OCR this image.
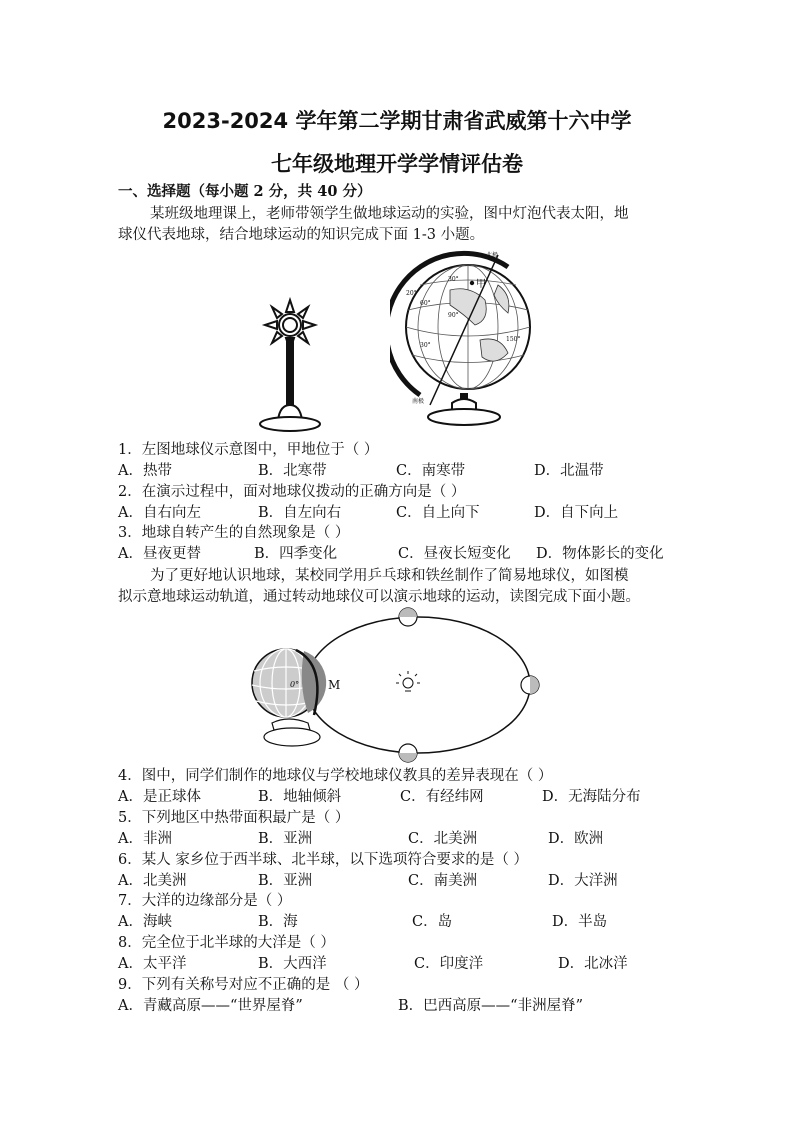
2023-2024 学年第二学期甘肃省武威第十六中学
七年级地理开学学情评估卷
一、选择题（每小题 2 分，共 40 分）
某班级地理课上，老师带领学生做地球运动的实验，图中灯泡代表太阳，地
球仪代表地球，结合地球运动的知识完成下面 1-3 小题。
甲
北极
南极
30°
20°
60°
90°
30°
150°
1．左图地球仪示意图中，甲地位于（ ）
A．热带	B．北寒带	C．南寒带	D．北温带
2．在演示过程中，面对地球仪拨动的正确方向是（ ）
A．自右向左	B．自左向右	C．自上向下	D．自下向上
3．地球自转产生的自然现象是（ ）
A．昼夜更替	B．四季变化	C．昼夜长短变化 D．物体影长的变化
为了更好地认识地球，某校同学用乒乓球和铁丝制作了简易地球仪，如图模
拟示意地球运动轨道，通过转动地球仪可以演示地球的运动，读图完成下面小题。
0° M
4．图中，同学们制作的地球仪与学校地球仪教具的差异表现在（ ）
A．是正球体	B．地轴倾斜	C．有经纬网	D．无海陆分布
5．下列地区中热带面积最广是（ ）
A．非洲	B．亚洲	C．北美洲	D．欧洲
6．某人 家乡位于西半球、北半球，以下选项符合要求的是（ ）
A．北美洲	B．亚洲	C．南美洲	D．大洋洲
7．大洋的边缘部分是（ ）
A．海峡	B．海	C．岛	D．半岛
8．完全位于北半球的大洋是（ ）
A．太平洋	B．大西洋	C．印度洋	D．北冰洋
9．下列有关称号对应不正确的是 （ ）
A．青藏高原——“世界屋脊”	B．巴西高原——“非洲屋脊”
